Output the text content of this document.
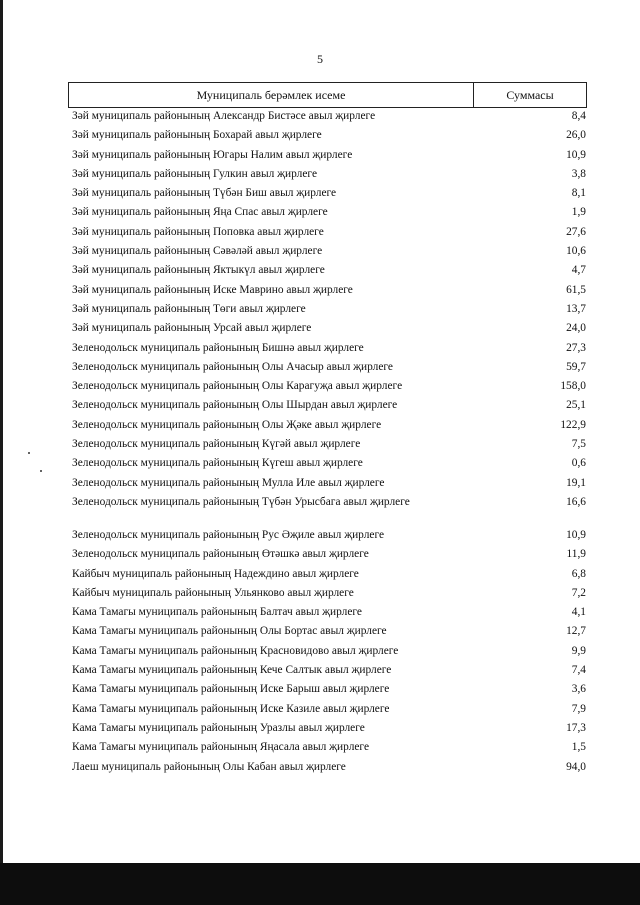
5
Муниципаль берәмлек исеме	Суммасы
Зәй муниципаль районының Александр Бистәсе авыл җирлеге	8,4
Зәй муниципаль районының Бохарай авыл җирлеге	26,0
Зәй муниципаль районының Югары Налим авыл җирлеге	10,9
Зәй муниципаль районының Гулкин авыл җирлеге	3,8
Зәй муниципаль районының Түбән Биш авыл җирлеге	8,1
Зәй муниципаль районының Яңа Спас авыл җирлеге	1,9
Зәй муниципаль районының Поповка авыл җирлеге	27,6
Зәй муниципаль районының Сәвәләй авыл җирлеге	10,6
Зәй муниципаль районының Яктыкүл авыл җирлеге	4,7
Зәй муниципаль районының Иске Маврино авыл җирлеге	61,5
Зәй муниципаль районының Төги авыл җирлеге	13,7
Зәй муниципаль районының Урсай авыл җирлеге	24,0
Зеленодольск муниципаль районының Бишнә авыл җирлеге	27,3
Зеленодольск муниципаль районының Олы Ачасыр авыл җирлеге	59,7
Зеленодольск муниципаль районының Олы Карагуҗа авыл җирлеге	158,0
Зеленодольск муниципаль районының Олы Шырдан авыл җирлеге	25,1
Зеленодольск муниципаль районының Олы Җәке авыл җирлеге	122,9
Зеленодольск муниципаль районының Күгәй авыл җирлеге	7,5
Зеленодольск муниципаль районының Күгеш авыл җирлеге	0,6
Зеленодольск муниципаль районының Мулла Иле авыл җирлеге	19,1
Зеленодольск муниципаль районының Түбән Урысбага авыл җирлеге	16,6
Зеленодольск муниципаль районының Рус Әҗиле авыл җирлеге	10,9
Зеленодольск муниципаль районының Өтәшкә авыл җирлеге	11,9
Кайбыч муниципаль районының Надеждино авыл җирлеге	6,8
Кайбыч муниципаль районының Ульянково авыл җирлеге	7,2
Кама Тамагы муниципаль районының Балтач авыл җирлеге	4,1
Кама Тамагы муниципаль районының Олы Бортас авыл җирлеге	12,7
Кама Тамагы муниципаль районының Красновидово авыл җирлеге	9,9
Кама Тамагы муниципаль районының Кече Салтык авыл җирлеге	7,4
Кама Тамагы муниципаль районының Иске Барыш авыл җирлеге	3,6
Кама Тамагы муниципаль районының Иске Казиле авыл җирлеге	7,9
Кама Тамагы муниципаль районының Уразлы авыл җирлеге	17,3
Кама Тамагы муниципаль районының Яңасала авыл җирлеге	1,5
Лаеш муниципаль районының Олы Кабан авыл җирлеге	94,0
